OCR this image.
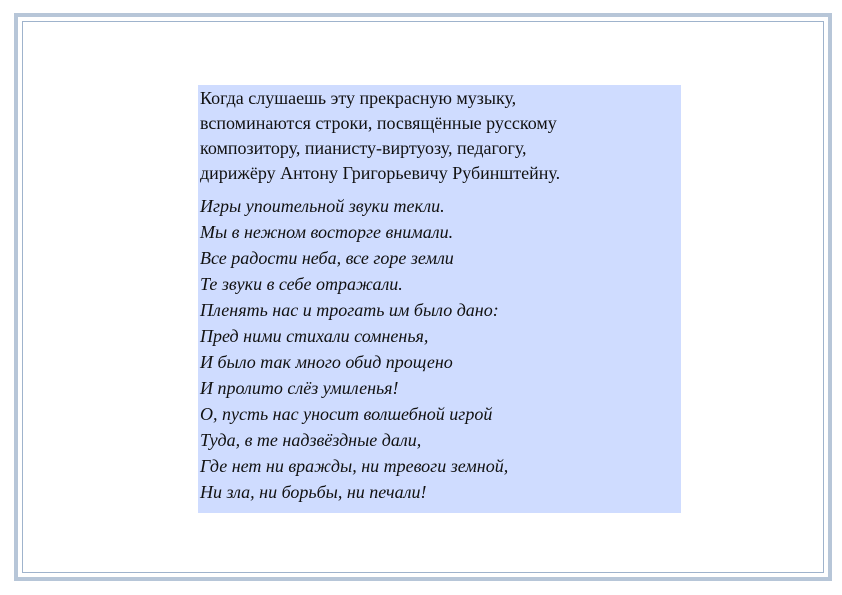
Когда слушаешь эту прекрасную музыку,
вспоминаются строки, посвящённые русскому
композитору, пианисту-виртуозу, педагогу,
дирижёру Антону Григорьевичу Рубинштейну.
Игры упоительной звуки текли.
Мы в нежном восторге внимали.
Все радости неба, все горе земли
Те звуки в себе отражали.
Пленять нас и трогать им было дано:
Пред ними стихали сомненья,
И было так много обид прощено
И пролито слёз умиленья!
О, пусть нас уносит волшебной игрой
Туда, в те надзвёздные дали,
Где нет ни вражды, ни тревоги земной,
Ни зла, ни борьбы, ни печали!
